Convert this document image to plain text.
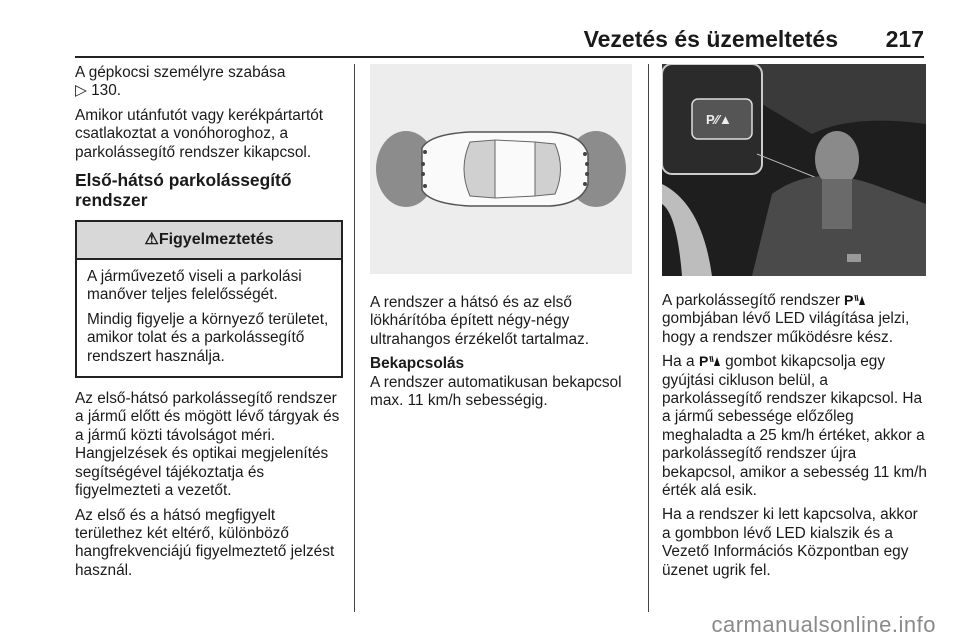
Vezetés és üzemeltetés 217

A gépkocsi személyre szabása
▷ 130.

Amikor utánfutót vagy kerékpártartót csatlakoztat a vonóhoroghoz, a parkolássegítő rendszer kikapcsol.

Első-hátsó parkolássegítő rendszer
⚠Figyelmeztetés

A járművezető viseli a parkolási manőver teljes felelősségét.

Mindig figyelje a környező területet, amikor tolat és a parkolássegítő rendszert használja.

Az első-hátsó parkolássegítő rendszer a jármű előtt és mögött lévő tárgyak és a jármű közti távolságot méri. Hangjelzések és optikai megjelenítés segítségével tájékoztatja és figyelmezteti a vezetőt.

Az első és a hátsó megfigyelt területhez két eltérő, különböző hangfrekvenciájú figyelmeztető jelzést használ.

A rendszer a hátsó és az első lökhárítóba épített négy-négy ultrahangos érzékelőt tartalmaz.

Bekapcsolás

A rendszer automatikusan bekapcsol max. 11 km/h sebességig.

P⁄⁄▲

A parkolássegítő rendszer P
gombjában lévő LED világítása jelzi, hogy a rendszer működésre kész.

Ha a P gombot kikapcsolja egy gyújtási cikluson belül, a parkolássegítő rendszer kikapcsol. Ha a jármű sebessége előzőleg meghaladta a 25 km/h értéket, akkor a parkolássegítő rendszer újra bekapcsol, amikor a sebesség 11 km/h érték alá esik.

Ha a rendszer ki lett kapcsolva, akkor a gombbon lévő LED kialszik és a Vezető Információs Központban egy üzenet ugrik fel.

carmanualsonline.info
